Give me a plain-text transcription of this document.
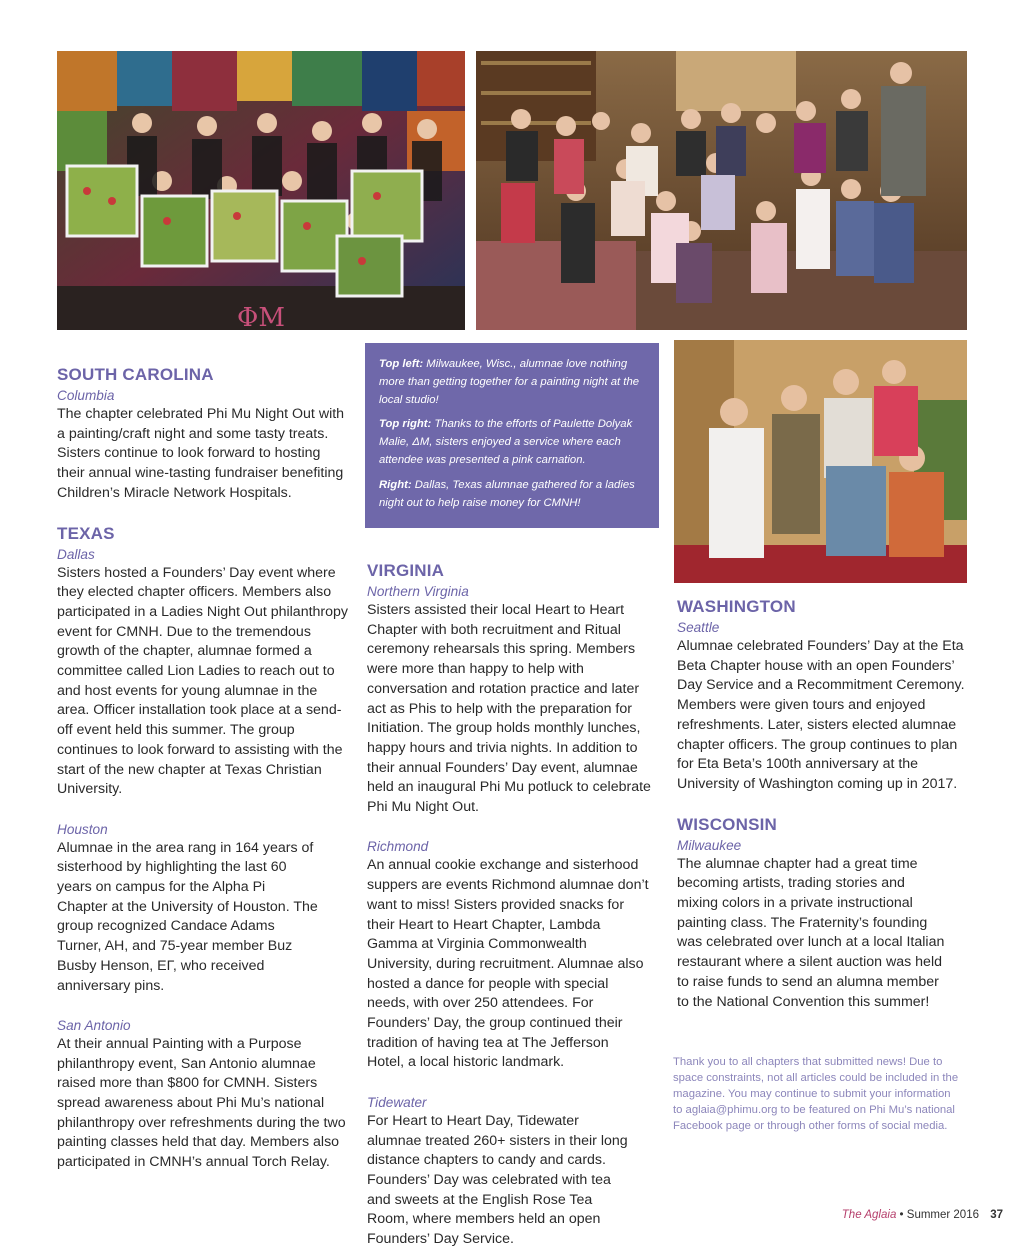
ΦΜ

Top left: Milwaukee, Wisc., alumnae love nothing more than getting together for a painting night at the local studio!

Top right: Thanks to the efforts of Paulette Dolyak Malie, ΔΜ, sisters enjoyed a service where each attendee was presented a pink carnation.

Right: Dallas, Texas alumnae gathered for a ladies night out to help raise money for CMNH!

SOUTH CAROLINA

Columbia

The chapter celebrated Phi Mu Night Out with a painting/craft night and some tasty treats. Sisters continue to look forward to hosting their annual wine-tasting fundraiser benefiting Children’s Miracle Network Hospitals.

TEXAS

Dallas

Sisters hosted a Founders’ Day event where they elected chapter officers. Members also participated in a Ladies Night Out philanthropy event for CMNH. Due to the tremendous growth of the chapter, alumnae formed a committee called Lion Ladies to reach out to and host events for young alumnae in the area. Officer installation took place at a send-off event held this summer. The group continues to look forward to assisting with the start of the new chapter at Texas Christian University.

Houston

Alumnae in the area rang in 164 years of sisterhood by highlighting the last 60 years on campus for the Alpha Pi Chapter at the University of Houston. The group recognized Candace Adams Turner, AH, and 75-year member Buz Busby Henson, EΓ, who received anniversary pins.

San Antonio

At their annual Painting with a Purpose philanthropy event, San Antonio alumnae raised more than $800 for CMNH. Sisters spread awareness about Phi Mu’s national philanthropy over refreshments during the two painting classes held that day. Members also participated in CMNH’s annual Torch Relay.

VIRGINIA

Northern Virginia

Sisters assisted their local Heart to Heart Chapter with both recruitment and Ritual ceremony rehearsals this spring. Members were more than happy to help with conversation and rotation practice and later act as Phis to help with the preparation for Initiation. The group holds monthly lunches, happy hours and trivia nights. In addition to their annual Founders’ Day event, alumnae held an inaugural Phi Mu potluck to celebrate Phi Mu Night Out.

Richmond

An annual cookie exchange and sisterhood suppers are events Richmond alumnae don’t want to miss! Sisters provided snacks for their Heart to Heart Chapter, Lambda Gamma at Virginia Commonwealth University, during recruitment. Alumnae also hosted a dance for people with special needs, with over 250 attendees. For Founders’ Day, the group continued their tradition of having tea at The Jefferson Hotel, a local historic landmark.

Tidewater

For Heart to Heart Day, Tidewater alumnae treated 260+ sisters in their long distance chapters to candy and cards. Founders’ Day was celebrated with tea and sweets at the English Rose Tea Room, where members held an open Founders’ Day Service.

WASHINGTON

Seattle

Alumnae celebrated Founders’ Day at the Eta Beta Chapter house with an open Founders’ Day Service and a Recommitment Ceremony. Members were given tours and enjoyed refreshments. Later, sisters elected alumnae chapter officers. The group continues to plan for Eta Beta’s 100th anniversary at the University of Washington coming up in 2017.

WISCONSIN

Milwaukee

The alumnae chapter had a great time becoming artists, trading stories and mixing colors in a private instructional painting class. The Fraternity’s founding was celebrated over lunch at a local Italian restaurant where a silent auction was held to raise funds to send an alumna member to the National Convention this summer!

Thank you to all chapters that submitted news! Due to space constraints, not all articles could be included in the magazine. You may continue to submit your information to aglaia@phimu.org to be featured on Phi Mu’s national Facebook page or through other forms of social media.
The Aglaia • Summer 2016 37
